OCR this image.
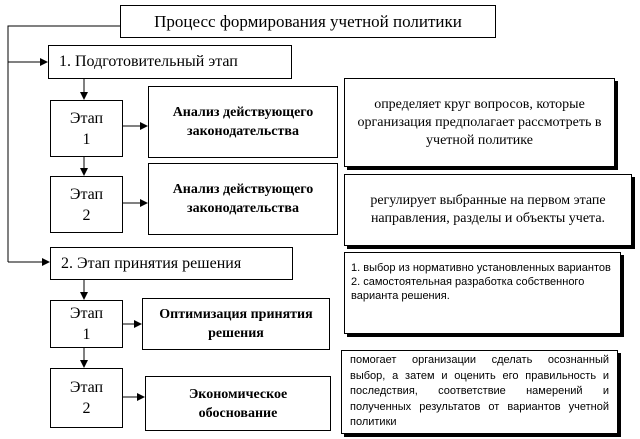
Процесс формирования учетной политики
1. Подготовительный этап
Этап
1
Анализ действующего законодательства
определяет круг вопросов, которые организация предполагает рассмотреть в учетной политике
Этап
2
Анализ действующего законодательства
регулирует выбранные на первом этапе направления, разделы и объекты учета.
2. Этап принятия решения	1. выбор из нормативно установленных вариантов
2. самостоятельная разработка собственного варианта решения.
Этап
1
Оптимизация принятия решения
Этап
2
Экономическое обоснование
помогает организации сделать осознанный выбор, а затем и оценить его правильность и последствия, соответствие намерений и полученных результатов от вариантов учетной политики
